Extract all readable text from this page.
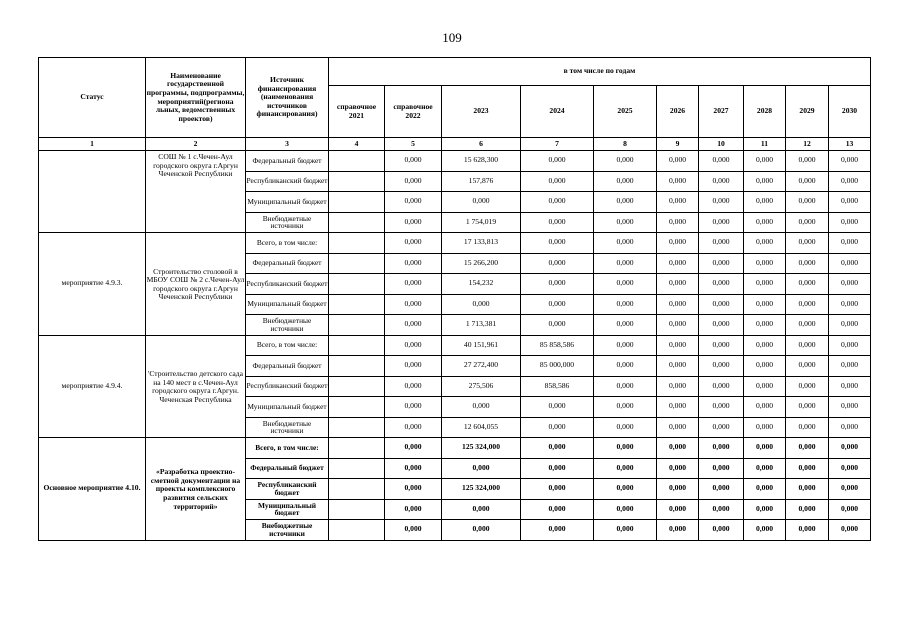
109
Статус	Наименование государственной программы, подпрограммы, мероприятий(региона льных, ведомственных проектов)	Источник финансирования (наименования источников финансирования)	в том числе по годам									
			справочное 2021	справочное 2022	2023	2024	2025	2026	2027	2028	2029	2030
1	2	3	4	5	6	7	8	9	10	11	12	13
	СОШ № 1 с.Чечен-Аул городского округа г.Аргун Чеченской Республики	Федеральный бюджет		0,000	15 628,300	0,000	0,000	0,000	0,000	0,000	0,000	0,000
		Республиканский бюджет		0,000	157,876	0,000	0,000	0,000	0,000	0,000	0,000	0,000
		Муниципальный бюджет		0,000	0,000	0,000	0,000	0,000	0,000	0,000	0,000	0,000
		Внебюджетные источники		0,000	1 754,019	0,000	0,000	0,000	0,000	0,000	0,000	0,000
мероприятие 4.9.3.	Строительство столовой в МБОУ СОШ № 2 с.Чечен-Аул городского округа г.Аргун Чеченской Республики	Всего, в том числе:		0,000	17 133,813	0,000	0,000	0,000	0,000	0,000	0,000	0,000
		Федеральный бюджет		0,000	15 266,200	0,000	0,000	0,000	0,000	0,000	0,000	0,000
		Республиканский бюджет		0,000	154,232	0,000	0,000	0,000	0,000	0,000	0,000	0,000
		Муниципальный бюджет		0,000	0,000	0,000	0,000	0,000	0,000	0,000	0,000	0,000
		Внебюджетные источники		0,000	1 713,381	0,000	0,000	0,000	0,000	0,000	0,000	0,000
мероприятие 4.9.4.	'Строительство детского сада на 140 мест в с.Чечен-Аул городского округа г.Аргун. Чеченская Республика	Всего, в том числе:		0,000	40 151,961	85 858,586	0,000	0,000	0,000	0,000	0,000	0,000
		Федеральный бюджет		0,000	27 272,400	85 000,000	0,000	0,000	0,000	0,000	0,000	0,000
		Республиканский бюджет		0,000	275,506	858,586	0,000	0,000	0,000	0,000	0,000	0,000
		Муниципальный бюджет		0,000	0,000	0,000	0,000	0,000	0,000	0,000	0,000	0,000
		Внебюджетные источники		0,000	12 604,055	0,000	0,000	0,000	0,000	0,000	0,000	0,000
Основное мероприятие 4.10.	«Разработка проектно-сметной документации на проекты комплексного развития сельских территорий»	Всего, в том числе:		0,000	125 324,000	0,000	0,000	0,000	0,000	0,000	0,000	0,000
		Федеральный бюджет		0,000	0,000	0,000	0,000	0,000	0,000	0,000	0,000	0,000
		Республиканский бюджет		0,000	125 324,000	0,000	0,000	0,000	0,000	0,000	0,000	0,000
		Муниципальный бюджет		0,000	0,000	0,000	0,000	0,000	0,000	0,000	0,000	0,000
		Внебюджетные источники		0,000	0,000	0,000	0,000	0,000	0,000	0,000	0,000	0,000
